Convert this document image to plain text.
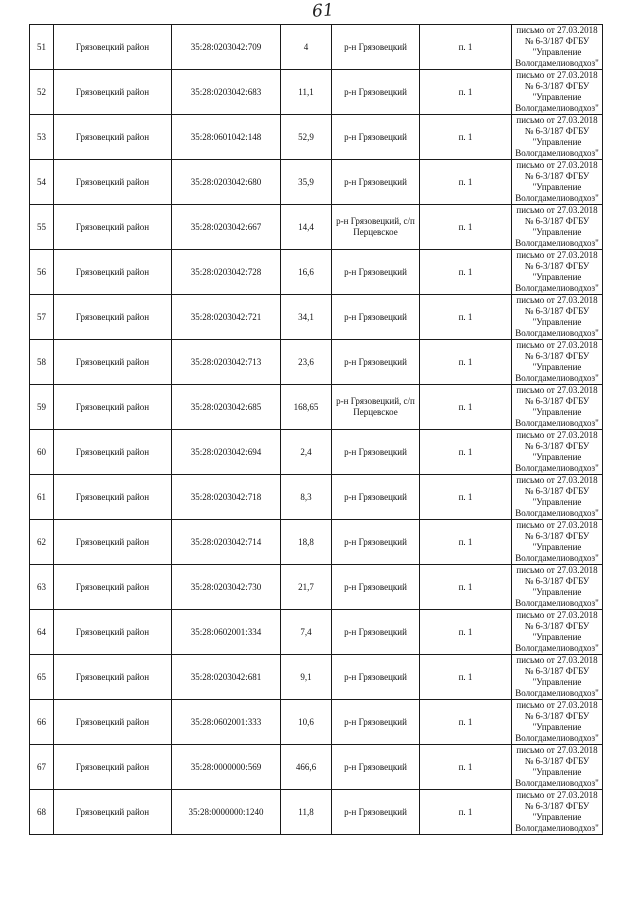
61
51	Грязовецкий район	35:28:0203042:709	4	р-н Грязовецкий	п. 1	письмо от 27.03.2018 № 6-3/187 ФГБУ "Управление Вологдамелиоводхоз"
52	Грязовецкий район	35:28:0203042:683	11,1	р-н Грязовецкий	п. 1	письмо от 27.03.2018 № 6-3/187 ФГБУ "Управление Вологдамелиоводхоз"
53	Грязовецкий район	35:28:0601042:148	52,9	р-н Грязовецкий	п. 1	письмо от 27.03.2018 № 6-3/187 ФГБУ "Управление Вологдамелиоводхоз"
54	Грязовецкий район	35:28:0203042:680	35,9	р-н Грязовецкий	п. 1	письмо от 27.03.2018 № 6-3/187 ФГБУ "Управление Вологдамелиоводхоз"
55	Грязовецкий район	35:28:0203042:667	14,4	р-н Грязовецкий, с/п Перцевское	п. 1	письмо от 27.03.2018 № 6-3/187 ФГБУ "Управление Вологдамелиоводхоз"
56	Грязовецкий район	35:28:0203042:728	16,6	р-н Грязовецкий	п. 1	письмо от 27.03.2018 № 6-3/187 ФГБУ "Управление Вологдамелиоводхоз"
57	Грязовецкий район	35:28:0203042:721	34,1	р-н Грязовецкий	п. 1	письмо от 27.03.2018 № 6-3/187 ФГБУ "Управление Вологдамелиоводхоз"
58	Грязовецкий район	35:28:0203042:713	23,6	р-н Грязовецкий	п. 1	письмо от 27.03.2018 № 6-3/187 ФГБУ "Управление Вологдамелиоводхоз"
59	Грязовецкий район	35:28:0203042:685	168,65	р-н Грязовецкий, с/п Перцевское	п. 1	письмо от 27.03.2018 № 6-3/187 ФГБУ "Управление Вологдамелиоводхоз"
60	Грязовецкий район	35:28:0203042:694	2,4	р-н Грязовецкий	п. 1	письмо от 27.03.2018 № 6-3/187 ФГБУ "Управление Вологдамелиоводхоз"
61	Грязовецкий район	35:28:0203042:718	8,3	р-н Грязовецкий	п. 1	письмо от 27.03.2018 № 6-3/187 ФГБУ "Управление Вологдамелиоводхоз"
62	Грязовецкий район	35:28:0203042:714	18,8	р-н Грязовецкий	п. 1	письмо от 27.03.2018 № 6-3/187 ФГБУ "Управление Вологдамелиоводхоз"
63	Грязовецкий район	35:28:0203042:730	21,7	р-н Грязовецкий	п. 1	письмо от 27.03.2018 № 6-3/187 ФГБУ "Управление Вологдамелиоводхоз"
64	Грязовецкий район	35:28:0602001:334	7,4	р-н Грязовецкий	п. 1	письмо от 27.03.2018 № 6-3/187 ФГБУ "Управление Вологдамелиоводхоз"
65	Грязовецкий район	35:28:0203042:681	9,1	р-н Грязовецкий	п. 1	письмо от 27.03.2018 № 6-3/187 ФГБУ "Управление Вологдамелиоводхоз"
66	Грязовецкий район	35:28:0602001:333	10,6	р-н Грязовецкий	п. 1	письмо от 27.03.2018 № 6-3/187 ФГБУ "Управление Вологдамелиоводхоз"
67	Грязовецкий район	35:28:0000000:569	466,6	р-н Грязовецкий	п. 1	письмо от 27.03.2018 № 6-3/187 ФГБУ "Управление Вологдамелиоводхоз"
68	Грязовецкий район	35:28:0000000:1240	11,8	р-н Грязовецкий	п. 1	письмо от 27.03.2018 № 6-3/187 ФГБУ "Управление Вологдамелиоводхоз"
